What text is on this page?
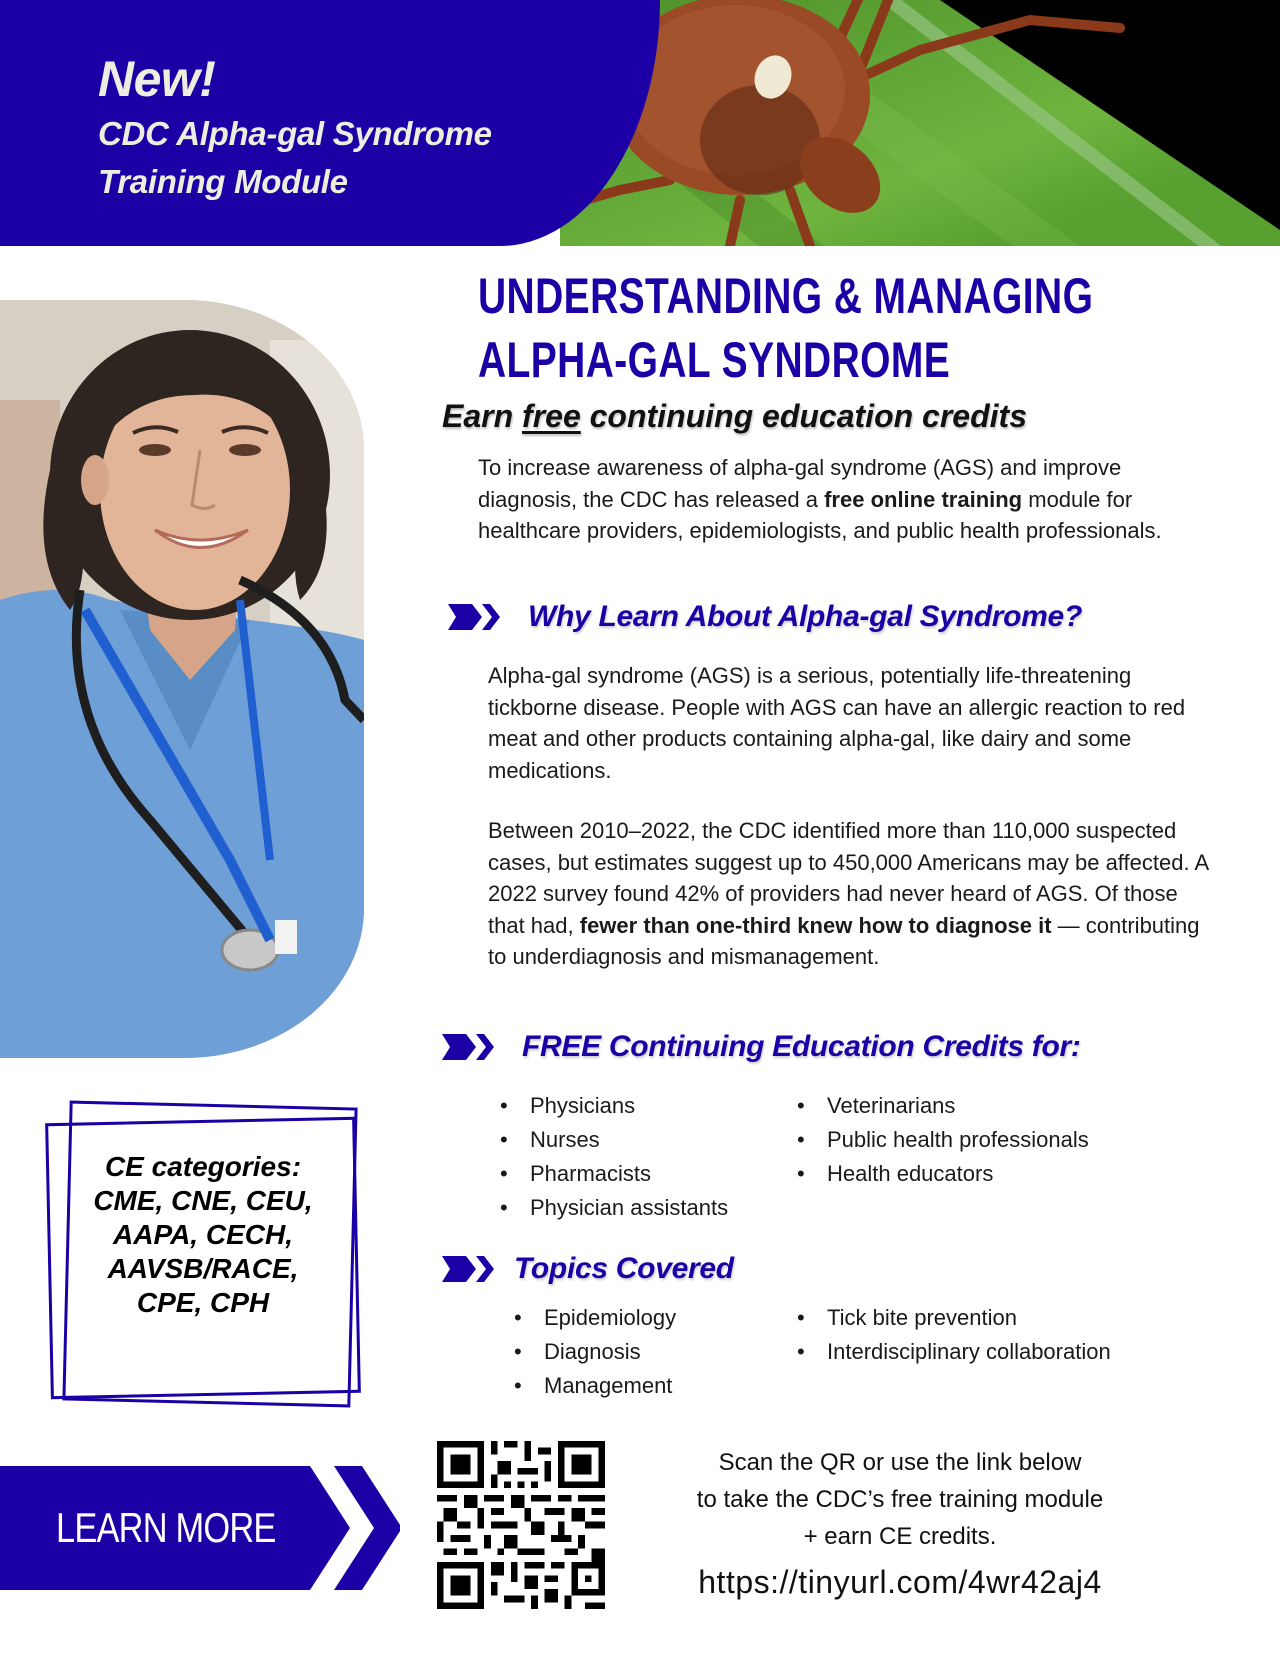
New!
CDC Alpha-gal Syndrome
Training Module
CE categories:
CME, CNE, CEU,
AAPA, CECH,
AAVSB/RACE,
CPE, CPH
LEARN MORE
UNDERSTANDING & MANAGING
ALPHA-GAL SYNDROME
Earn free continuing education credits

To increase awareness of alpha-gal syndrome (AGS) and improve diagnosis, the CDC has released a free online training module for healthcare providers, epidemiologists, and public health professionals.

Why Learn About Alpha-gal Syndrome?

Alpha-gal syndrome (AGS) is a serious, potentially life-threatening tickborne disease. People with AGS can have an allergic reaction to red meat and other products containing alpha-gal, like dairy and some medications.

Between 2010–2022, the CDC identified more than 110,000 suspected cases, but estimates suggest up to 450,000 Americans may be affected. A 2022 survey found 42% of providers had never heard of AGS. Of those that had, fewer than one-third knew how to diagnose it — contributing to underdiagnosis and mismanagement.

FREE Continuing Education Credits for:
• Physicians
• Nurses
• Pharmacists
• Physician assistants
• Veterinarians
• Public health professionals
• Health educators
Topics Covered
• Epidemiology
• Diagnosis
• Management
• Tick bite prevention
• Interdisciplinary collaboration
Scan the QR or use the link below
to take the CDC’s free training module
+ earn CE credits.
https://tinyurl.com/4wr42aj4
